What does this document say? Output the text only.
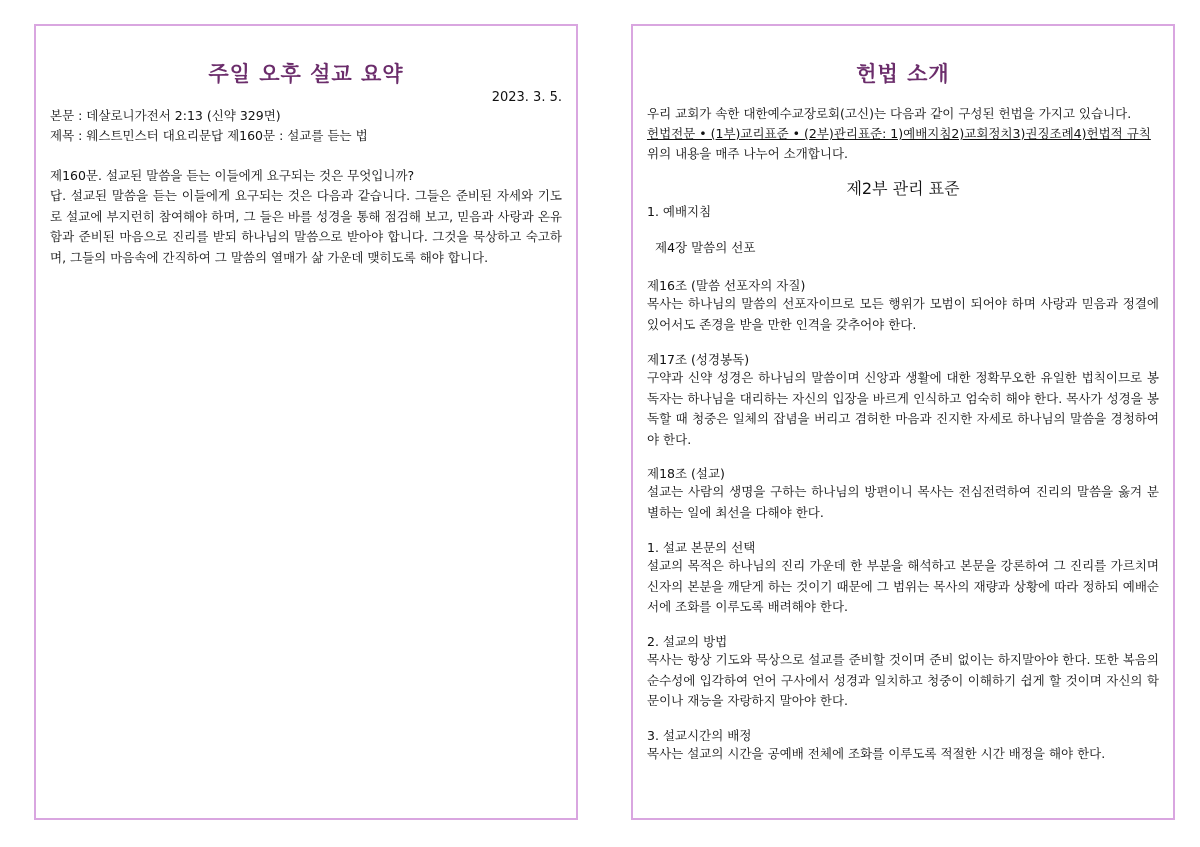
주일 오후 설교 요약
2023. 3. 5.

본문 : 데살로니가전서 2:13 (신약 329면)

제목 : 웨스트민스터 대요리문답 제160문 : 설교를 듣는 법

제160문. 설교된 말씀을 듣는 이들에게 요구되는 것은 무엇입니까?

답. 설교된 말씀을 듣는 이들에게 요구되는 것은 다음과 같습니다. 그들은 준비된 자세와 기도로 설교에 부지런히 참여해야 하며, 그 들은 바를 성경을 통해 점검해 보고, 믿음과 사랑과 온유함과 준비된 마음으로 진리를 받되 하나님의 말씀으로 받아야 합니다. 그것을 묵상하고 숙고하며, 그들의 마음속에 간직하여 그 말씀의 열매가 삶 가운데 맺히도록 해야 합니다.

헌법 소개

우리 교회가 속한 대한예수교장로회(고신)는 다음과 같이 구성된 헌법을 가지고 있습니다.

헌법전문 • (1부)교리표준 • (2부)관리표준: 1)예배지침2)교회정치3)권징조례4)헌법적 규칙

위의 내용을 매주 나누어 소개합니다.

제2부 관리 표준

1. 예배지침

제4장 말씀의 선포

제16조 (말씀 선포자의 자질)

목사는 하나님의 말씀의 선포자이므로 모든 행위가 모범이 되어야 하며 사랑과 믿음과 정결에 있어서도 존경을 받을 만한 인격을 갖추어야 한다.

제17조 (성경봉독)

구약과 신약 성경은 하나님의 말씀이며 신앙과 생활에 대한 정확무오한 유일한 법칙이므로 봉독자는 하나님을 대리하는 자신의 입장을 바르게 인식하고 엄숙히 해야 한다. 목사가 성경을 봉독할 때 청중은 일체의 잡념을 버리고 겸허한 마음과 진지한 자세로 하나님의 말씀을 경청하여야 한다.

제18조 (설교)

설교는 사람의 생명을 구하는 하나님의 방편이니 목사는 전심전력하여 진리의 말씀을 옳겨 분별하는 일에 최선을 다해야 한다.

1. 설교 본문의 선택

설교의 목적은 하나님의 진리 가운데 한 부분을 해석하고 본문을 강론하여 그 진리를 가르치며 신자의 본분을 깨닫게 하는 것이기 때문에 그 범위는 목사의 재량과 상황에 따라 정하되 예배순서에 조화를 이루도록 배려해야 한다.

2. 설교의 방법

목사는 항상 기도와 묵상으로 설교를 준비할 것이며 준비 없이는 하지말아야 한다. 또한 복음의 순수성에 입각하여 언어 구사에서 성경과 일치하고 청중이 이해하기 쉽게 할 것이며 자신의 학문이나 재능을 자랑하지 말아야 한다.

3. 설교시간의 배정

목사는 설교의 시간을 공예배 전체에 조화를 이루도록 적절한 시간 배정을 해야 한다.
